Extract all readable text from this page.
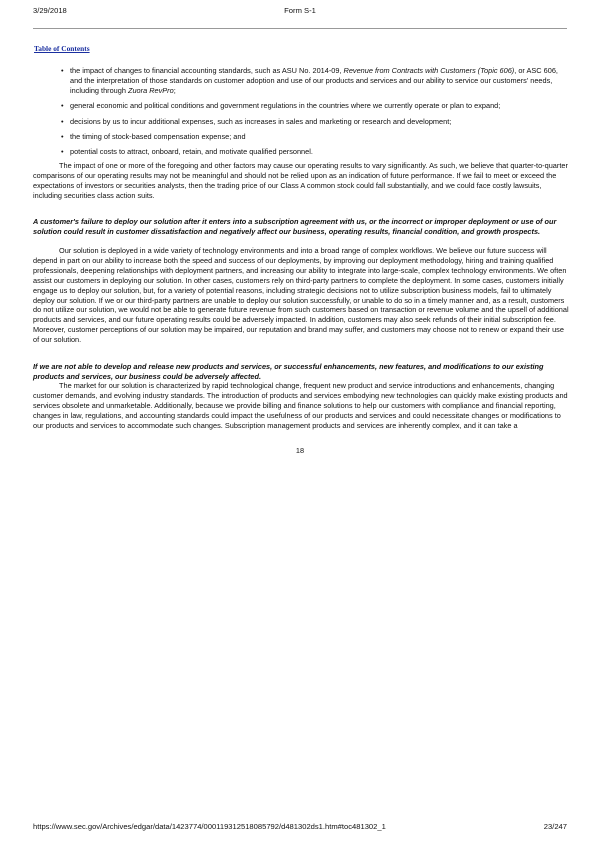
3/29/2018	Form S-1
Table of Contents
• the impact of changes to financial accounting standards, such as ASU No. 2014-09, Revenue from Contracts with Customers (Topic 606), or ASC 606, and the interpretation of those standards on customer adoption and use of our products and services and our ability to service our customers' needs, including through Zuora RevPro;
• general economic and political conditions and government regulations in the countries where we currently operate or plan to expand;
• decisions by us to incur additional expenses, such as increases in sales and marketing or research and development;
• the timing of stock-based compensation expense; and
• potential costs to attract, onboard, retain, and motivate qualified personnel.
The impact of one or more of the foregoing and other factors may cause our operating results to vary significantly. As such, we believe that quarter-to-quarter comparisons of our operating results may not be meaningful and should not be relied upon as an indication of future performance. If we fail to meet or exceed the expectations of investors or securities analysts, then the trading price of our Class A common stock could fall substantially, and we could face costly lawsuits, including securities class action suits.
A customer's failure to deploy our solution after it enters into a subscription agreement with us, or the incorrect or improper deployment or use of our solution could result in customer dissatisfaction and negatively affect our business, operating results, financial condition, and growth prospects.
Our solution is deployed in a wide variety of technology environments and into a broad range of complex workflows. We believe our future success will depend in part on our ability to increase both the speed and success of our deployments, by improving our deployment methodology, hiring and training qualified professionals, deepening relationships with deployment partners, and increasing our ability to integrate into large-scale, complex technology environments. We often assist our customers in deploying our solution. In other cases, customers rely on third-party partners to complete the deployment. In some cases, customers initially engage us to deploy our solution, but, for a variety of potential reasons, including strategic decisions not to utilize subscription business models, fail to ultimately deploy our solution. If we or our third-party partners are unable to deploy our solution successfully, or unable to do so in a timely manner and, as a result, customers do not utilize our solution, we would not be able to generate future revenue from such customers based on transaction or revenue volume and the upsell of additional products and services, and our future operating results could be adversely impacted. In addition, customers may also seek refunds of their initial subscription fee. Moreover, customer perceptions of our solution may be impaired, our reputation and brand may suffer, and customers may choose not to renew or expand their use of our solution.
If we are not able to develop and release new products and services, or successful enhancements, new features, and modifications to our existing products and services, our business could be adversely affected.
The market for our solution is characterized by rapid technological change, frequent new product and service introductions and enhancements, changing customer demands, and evolving industry standards. The introduction of products and services embodying new technologies can quickly make existing products and services obsolete and unmarketable. Additionally, because we provide billing and finance solutions to help our customers with compliance and financial reporting, changes in law, regulations, and accounting standards could impact the usefulness of our products and services and could necessitate changes or modifications to our products and services to accommodate such changes. Subscription management products and services are inherently complex, and it can take a
18
https://www.sec.gov/Archives/edgar/data/1423774/000119312518085792/d481302ds1.htm#toc481302_1	23/247
